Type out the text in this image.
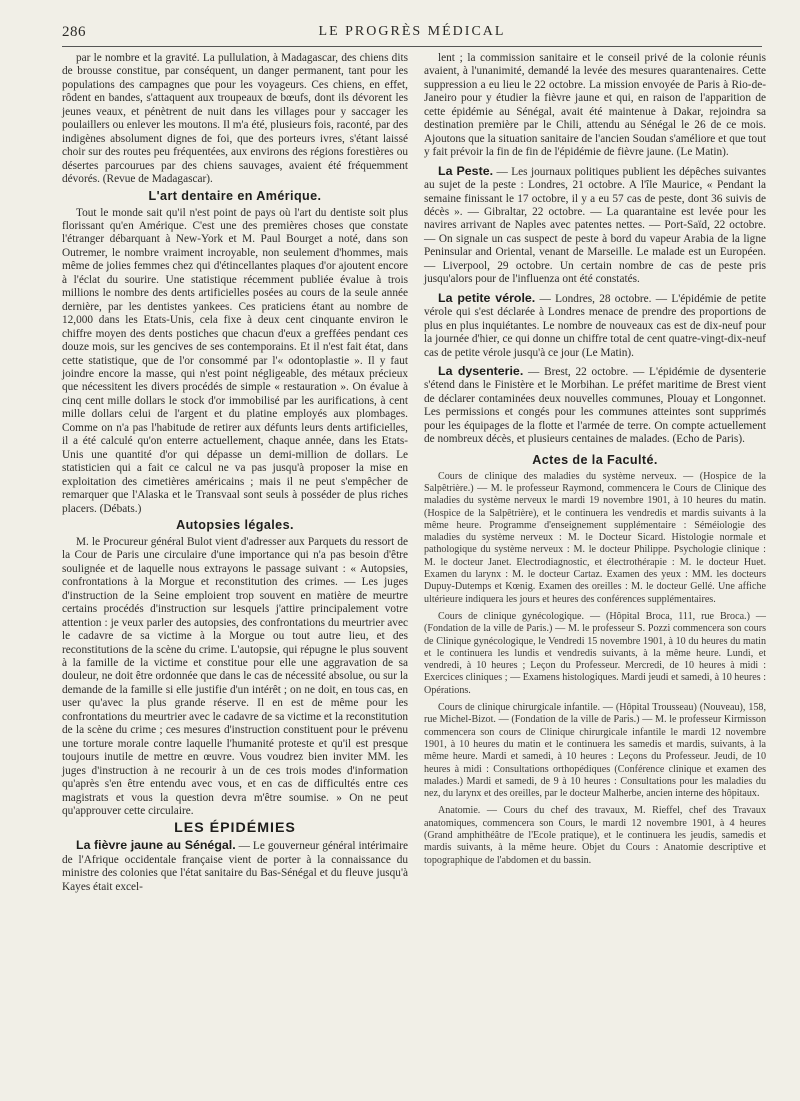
286	LE PROGRÈS MÉDICAL

par le nombre et la gravité. La pullulation, à Madagascar, des chiens dits de brousse constitue, par conséquent, un danger permanent, tant pour les populations des campagnes que pour les voyageurs. Ces chiens, en effet, rôdent en bandes, s'attaquent aux troupeaux de bœufs, dont ils dévorent les jeunes veaux, et pénètrent de nuit dans les villages pour y saccager les poulaillers ou enlever les moutons. Il m'a été, plusieurs fois, raconté, par des indigènes absolument dignes de foi, que des porteurs ivres, s'étant laissé choir sur des routes peu fréquentées, aux environs des régions forestières ou désertes parcourues par des chiens sauvages, avaient été fréquemment dévorés. (Revue de Madagascar).

L'art dentaire en Amérique.

Tout le monde sait qu'il n'est point de pays où l'art du dentiste soit plus florissant qu'en Amérique. C'est une des premières choses que constate l'étranger débarquant à New-York et M. Paul Bourget a noté, dans son Outremer, le nombre vraiment incroyable, non seulement d'hommes, mais même de jolies femmes chez qui d'étincellantes plaques d'or ajoutent encore à l'éclat du sourire. Une statistique récemment publiée évalue à trois millions le nombre des dents artificielles posées au cours de la seule année dernière, par les dentistes yankees. Ces praticiens étant au nombre de 12,000 dans les Etats-Unis, cela fixe à deux cent cinquante environ le chiffre moyen des dents postiches que chacun d'eux a greffées pendant ces douze mois, sur les gencives de ses contemporains. Et il n'est fait état, dans cette statistique, que de l'or consommé par l'« odontoplastie ». Il y faut joindre encore la masse, qui n'est point négligeable, des métaux précieux que nécessitent les divers procédés de simple « restauration ». On évalue à cinq cent mille dollars le stock d'or immobilisé par les aurifications, à cent mille dollars celui de l'argent et du platine employés aux plombages. Comme on n'a pas l'habitude de retirer aux défunts leurs dents artificielles, il a été calculé qu'on enterre actuellement, chaque année, dans les Etats-Unis une quantité d'or qui dépasse un demi-million de dollars. Le statisticien qui a fait ce calcul ne va pas jusqu'à proposer la mise en exploitation des cimetières américains ; mais il ne peut s'empêcher de remarquer que l'Alaska et le Transvaal sont seuls à posséder de plus riches placers. (Débats.)

Autopsies légales.

M. le Procureur général Bulot vient d'adresser aux Parquets du ressort de la Cour de Paris une circulaire d'une importance qui n'a pas besoin d'être soulignée et de laquelle nous extrayons le passage suivant : « Autopsies, confrontations à la Morgue et reconstitution des crimes. — Les juges d'instruction de la Seine emploient trop souvent en matière de meurtre certains procédés d'instruction sur lesquels j'attire principalement votre attention : je veux parler des autopsies, des confrontations du meurtrier avec le cadavre de sa victime à la Morgue ou tout autre lieu, et des reconstitutions de la scène du crime. L'autopsie, qui répugne le plus souvent à la famille de la victime et constitue pour elle une aggravation de sa douleur, ne doit être ordonnée que dans le cas de nécessité absolue, ou sur la demande de la famille si elle justifie d'un intérêt ; on ne doit, en tous cas, en user qu'avec la plus grande réserve. Il en est de même pour les confrontations du meurtrier avec le cadavre de sa victime et la reconstitution de la scène du crime ; ces mesures d'instruction constituent pour le prévenu une torture morale contre laquelle l'humanité proteste et qu'il est presque toujours inutile de mettre en œuvre. Vous voudrez bien inviter MM. les juges d'instruction à ne recourir à un de ces trois modes d'information qu'après s'en être entendu avec vous, et en cas de difficultés entre ces magistrats et vous la question devra m'être soumise. » On ne peut qu'approuver cette circulaire.

LES ÉPIDÉMIES

La fièvre jaune au Sénégal. — Le gouverneur général intérimaire de l'Afrique occidentale française vient de porter à la connaissance du ministre des colonies que l'état sanitaire du Bas-Sénégal et du fleuve jusqu'à Kayes était excel-

lent ; la commission sanitaire et le conseil privé de la colonie réunis avaient, à l'unanimité, demandé la levée des mesures quarantenaires. Cette suppression a eu lieu le 22 octobre. La mission envoyée de Paris à Rio-de-Janeiro pour y étudier la fièvre jaune et qui, en raison de l'apparition de cette épidémie au Sénégal, avait été maintenue à Dakar, rejoindra sa destination première par le Chili, attendu au Sénégal le 26 de ce mois. Ajoutons que la situation sanitaire de l'ancien Soudan s'améliore et que tout y fait prévoir la fin de fin de l'épidémie de fièvre jaune. (Le Matin).

La Peste. — Les journaux politiques publient les dépêches suivantes au sujet de la peste : Londres, 21 octobre. A l'île Maurice, « Pendant la semaine finissant le 17 octobre, il y a eu 57 cas de peste, dont 36 suivis de décès ». — Gibraltar, 22 octobre. — La quarantaine est levée pour les navires arrivant de Naples avec patentes nettes. — Port-Saïd, 22 octobre. — On signale un cas suspect de peste à bord du vapeur Arabia de la ligne Peninsular and Oriental, venant de Marseille. Le malade est un Européen. — Liverpool, 29 octobre. Un certain nombre de cas de peste pris jusqu'alors pour de l'influenza ont été constatés.

La petite vérole. — Londres, 28 octobre. — L'épidémie de petite vérole qui s'est déclarée à Londres menace de prendre des proportions de plus en plus inquiétantes. Le nombre de nouveaux cas est de dix-neuf pour la journée d'hier, ce qui donne un chiffre total de cent quatre-vingt-dix-neuf cas de petite vérole jusqu'à ce jour (Le Matin).

La dysenterie. — Brest, 22 octobre. — L'épidémie de dysenterie s'étend dans le Finistère et le Morbihan. Le préfet maritime de Brest vient de déclarer contaminées deux nouvelles communes, Plouay et Longonnet. Les permissions et congés pour les communes atteintes sont supprimés pour les équipages de la flotte et l'armée de terre. On compte actuellement de nombreux décès, et plusieurs centaines de malades. (Echo de Paris).

Actes de la Faculté.

Cours de clinique des maladies du système nerveux. — (Hospice de la Salpêtrière.) — M. le professeur Raymond, commencera le Cours de Clinique des maladies du système nerveux le mardi 19 novembre 1901, à 10 heures du matin. (Hospice de la Salpêtrière), et le continuera les vendredis et mardis suivants à la même heure. Programme d'enseignement supplémentaire : Séméiologie des maladies du système nerveux : M. le Docteur Sicard. Histologie normale et pathologique du système nerveux : M. le docteur Philippe. Psychologie clinique : M. le docteur Janet. Electrodiagnostic, et électrothérapie : M. le docteur Huet. Examen du larynx : M. le docteur Cartaz. Examen des yeux : MM. les docteurs Dupuy-Dutemps et Kœnig. Examen des oreilles : M. le docteur Gellé. Une affiche ultérieure indiquera les jours et heures des conférences supplémentaires.

Cours de clinique gynécologique. — (Hôpital Broca, 111, rue Broca.) — (Fondation de la ville de Paris.) — M. le professeur S. Pozzi commencera son cours de Clinique gynécologique, le Vendredi 15 novembre 1901, à 10 du heures du matin et le continuera les lundis et vendredis suivants, à la même heure. Lundi, et vendredi, à 10 heures ; Leçon du Professeur. Mercredi, de 10 heures à midi : Exercices cliniques ; — Examens histologiques. Mardi jeudi et samedi, à 10 heures : Opérations.

Cours de clinique chirurgicale infantile. — (Hôpital Trousseau) (Nouveau), 158, rue Michel-Bizot. — (Fondation de la ville de Paris.) — M. le professeur Kirmisson commencera son cours de Clinique chirurgicale infantile le mardi 12 novembre 1901, à 10 heures du matin et le continuera les samedis et mardis, suivants, à la même heure. Mardi et samedi, à 10 heures : Leçons du Professeur. Jeudi, de 10 heures à midi : Consultations orthopédiques (Conférence clinique et examen des malades.) Mardi et samedi, de 9 à 10 heures : Consultations pour les maladies du nez, du larynx et des oreilles, par le docteur Malherbe, ancien interne des hôpitaux.

Anatomie. — Cours du chef des travaux, M. Rieffel, chef des Travaux anatomiques, commencera son Cours, le mardi 12 novembre 1901, à 4 heures (Grand amphithéâtre de l'Ecole pratique), et le continuera les jeudis, samedis et mardis suivants, à la même heure. Objet du Cours : Anatomie descriptive et topographique de l'abdomen et du bassin.
